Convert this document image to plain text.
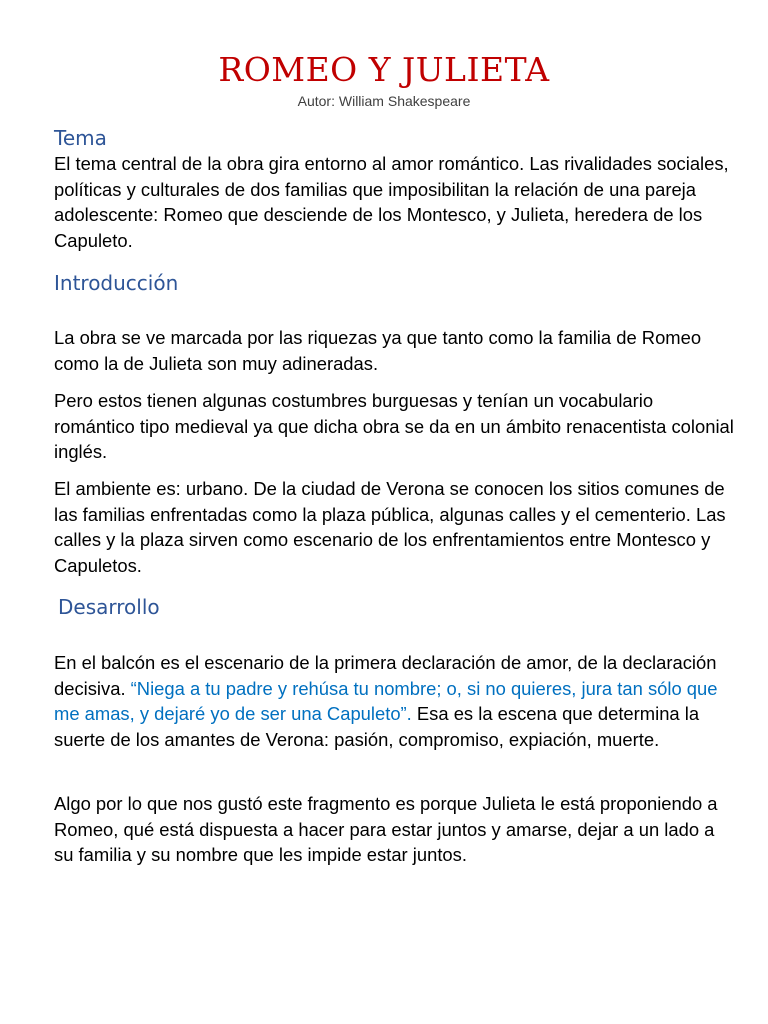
ROMEO Y JULIETA
Autor: William Shakespeare
Tema

El tema central de la obra gira entorno al amor romántico. Las rivalidades sociales, políticas y culturales de dos familias que imposibilitan la relación de una pareja adolescente: Romeo que desciende de los Montesco, y Julieta, heredera de los Capuleto.

Introducción

La obra se ve marcada por las riquezas ya que tanto como la familia de Romeo como la de Julieta son muy adineradas.

Pero estos tienen algunas costumbres burguesas y tenían un vocabulario romántico tipo medieval ya que dicha obra se da en un ámbito renacentista colonial inglés.

El ambiente es: urbano. De la ciudad de Verona se conocen los sitios comunes de las familias enfrentadas como la plaza pública, algunas calles y el cementerio. Las calles y la plaza sirven como escenario de los enfrentamientos entre Montesco y Capuletos.

Desarrollo

En el balcón es el escenario de la primera declaración de amor, de la declaración decisiva. “Niega a tu padre y rehúsa tu nombre; o, si no quieres, jura tan sólo que me amas, y dejaré yo de ser una Capuleto”. Esa es la escena que determina la suerte de los amantes de Verona: pasión, compromiso, expiación, muerte.

Algo por lo que nos gustó este fragmento es porque Julieta le está proponiendo a Romeo, qué está dispuesta a hacer para estar juntos y amarse, dejar a un lado a su familia y su nombre que les impide estar juntos.
